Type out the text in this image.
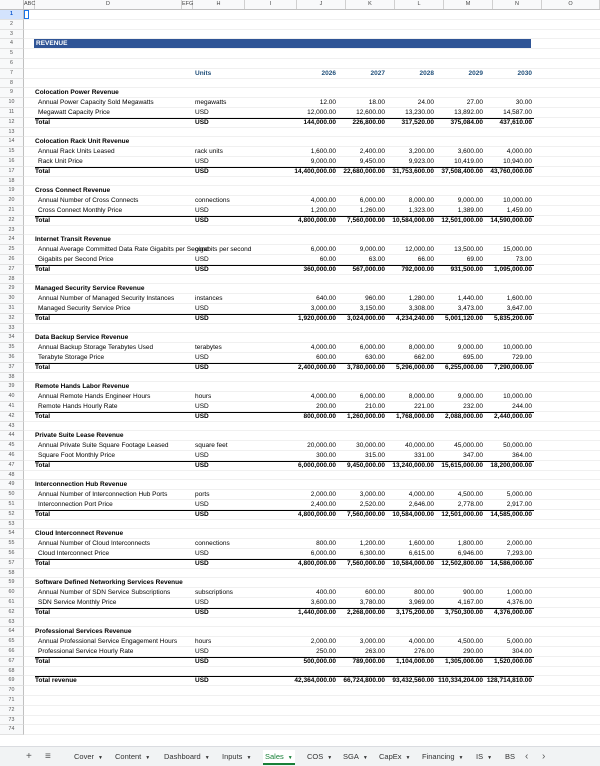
ABC	D	EFG	H	I	J	K	L	M	N	O
1
2
3
4
5
6
7
8
9
10
11
12
13
14
15
16
17
18
19
20
21
22
23
24
25
26
27
28
29
30
31
32
33
34
35
36
37
38
39
40
41
42
43
44
45
46
47
48
49
50
51
52
53
54
55
56
57
58
59
60
61
62
63
64
65
66
67
68
69
70
71
72
73
74
REVENUE
Units	2026	2027	2028	2029	2030
Colocation Power Revenue
Annual Power Capacity Sold Megawatts	megawatts	12.00	18.00	24.00	27.00	30.00
Megawatt Capacity Price	USD	12,000.00	12,600.00	13,230.00	13,892.00	14,587.00
Total	USD	144,000.00	226,800.00	317,520.00	375,084.00	437,610.00
Colocation Rack Unit Revenue
Annual Rack Units Leased	rack units	1,600.00	2,400.00	3,200.00	3,600.00	4,000.00
Rack Unit Price	USD	9,000.00	9,450.00	9,923.00	10,419.00	10,940.00
Total	USD	14,400,000.00	22,680,000.00	31,753,600.00	37,508,400.00	43,760,000.00
Cross Connect Revenue
Annual Number of Cross Connects	connections	4,000.00	6,000.00	8,000.00	9,000.00	10,000.00
Cross Connect Monthly Price	USD	1,200.00	1,260.00	1,323.00	1,389.00	1,459.00
Total	USD	4,800,000.00	7,560,000.00	10,584,000.00	12,501,000.00	14,590,000.00
Internet Transit Revenue
Annual Average Committed Data Rate Gigabits per Second
gigabits per second	6,000.00	9,000.00	12,000.00	13,500.00	15,000.00
Gigabits per Second Price	USD	60.00	63.00	66.00	69.00	73.00
Total	USD	360,000.00	567,000.00	792,000.00	931,500.00	1,095,000.00
Managed Security Service Revenue
Annual Number of Managed Security Instances	instances	640.00	960.00	1,280.00	1,440.00	1,600.00
Managed Security Service Price	USD	3,000.00	3,150.00	3,308.00	3,473.00	3,647.00
Total	USD	1,920,000.00	3,024,000.00	4,234,240.00	5,001,120.00	5,835,200.00
Data Backup Service Revenue
Annual Backup Storage Terabytes Used	terabytes	4,000.00	6,000.00	8,000.00	9,000.00	10,000.00
Terabyte Storage Price	USD	600.00	630.00	662.00	695.00	729.00
Total	USD	2,400,000.00	3,780,000.00	5,296,000.00	6,255,000.00	7,290,000.00
Remote Hands Labor Revenue
Annual Remote Hands Engineer Hours	hours	4,000.00	6,000.00	8,000.00	9,000.00	10,000.00
Remote Hands Hourly Rate	USD	200.00	210.00	221.00	232.00	244.00
Total	USD	800,000.00	1,260,000.00	1,768,000.00	2,088,000.00	2,440,000.00
Private Suite Lease Revenue
Annual Private Suite Square Footage Leased	square feet	20,000.00	30,000.00	40,000.00	45,000.00	50,000.00
Square Foot Monthly Price	USD	300.00	315.00	331.00	347.00	364.00
Total	USD	6,000,000.00	9,450,000.00	13,240,000.00	15,615,000.00	18,200,000.00
Interconnection Hub Revenue
Annual Number of Interconnection Hub Ports	ports	2,000.00	3,000.00	4,000.00	4,500.00	5,000.00
Interconnection Port Price	USD	2,400.00	2,520.00	2,646.00	2,778.00	2,917.00
Total	USD	4,800,000.00	7,560,000.00	10,584,000.00	12,501,000.00	14,585,000.00
Cloud Interconnect Revenue
Annual Number of Cloud Interconnects	connections	800.00	1,200.00	1,600.00	1,800.00	2,000.00
Cloud Interconnect Price	USD	6,000.00	6,300.00	6,615.00	6,946.00	7,293.00
Total	USD	4,800,000.00	7,560,000.00	10,584,000.00	12,502,800.00	14,586,000.00
Software Defined Networking Services Revenue
Annual Number of SDN Service Subscriptions	subscriptions	400.00	600.00	800.00	900.00	1,000.00
SDN Service Monthly Price	USD	3,600.00	3,780.00	3,969.00	4,167.00	4,376.00
Total	USD	1,440,000.00	2,268,000.00	3,175,200.00	3,750,300.00	4,376,000.00
Professional Services Revenue
Annual Professional Service Engagement Hours	hours	2,000.00	3,000.00	4,000.00	4,500.00	5,000.00
Professional Service Hourly Rate	USD	250.00	263.00	276.00	290.00	304.00
Total	USD	500,000.00	789,000.00	1,104,000.00	1,305,000.00	1,520,000.00
Total revenue	USD	42,364,000.00	66,724,800.00	93,432,560.00 110,334,204.00 128,714,810.00
+ ≡	‹ ›
Cover ▼ Content ▼ Dashboard ▼ Inputs ▼ Sales ▼ COS ▼ SGA ▼ CapEx ▼ Financing ▼ IS ▼ BS
